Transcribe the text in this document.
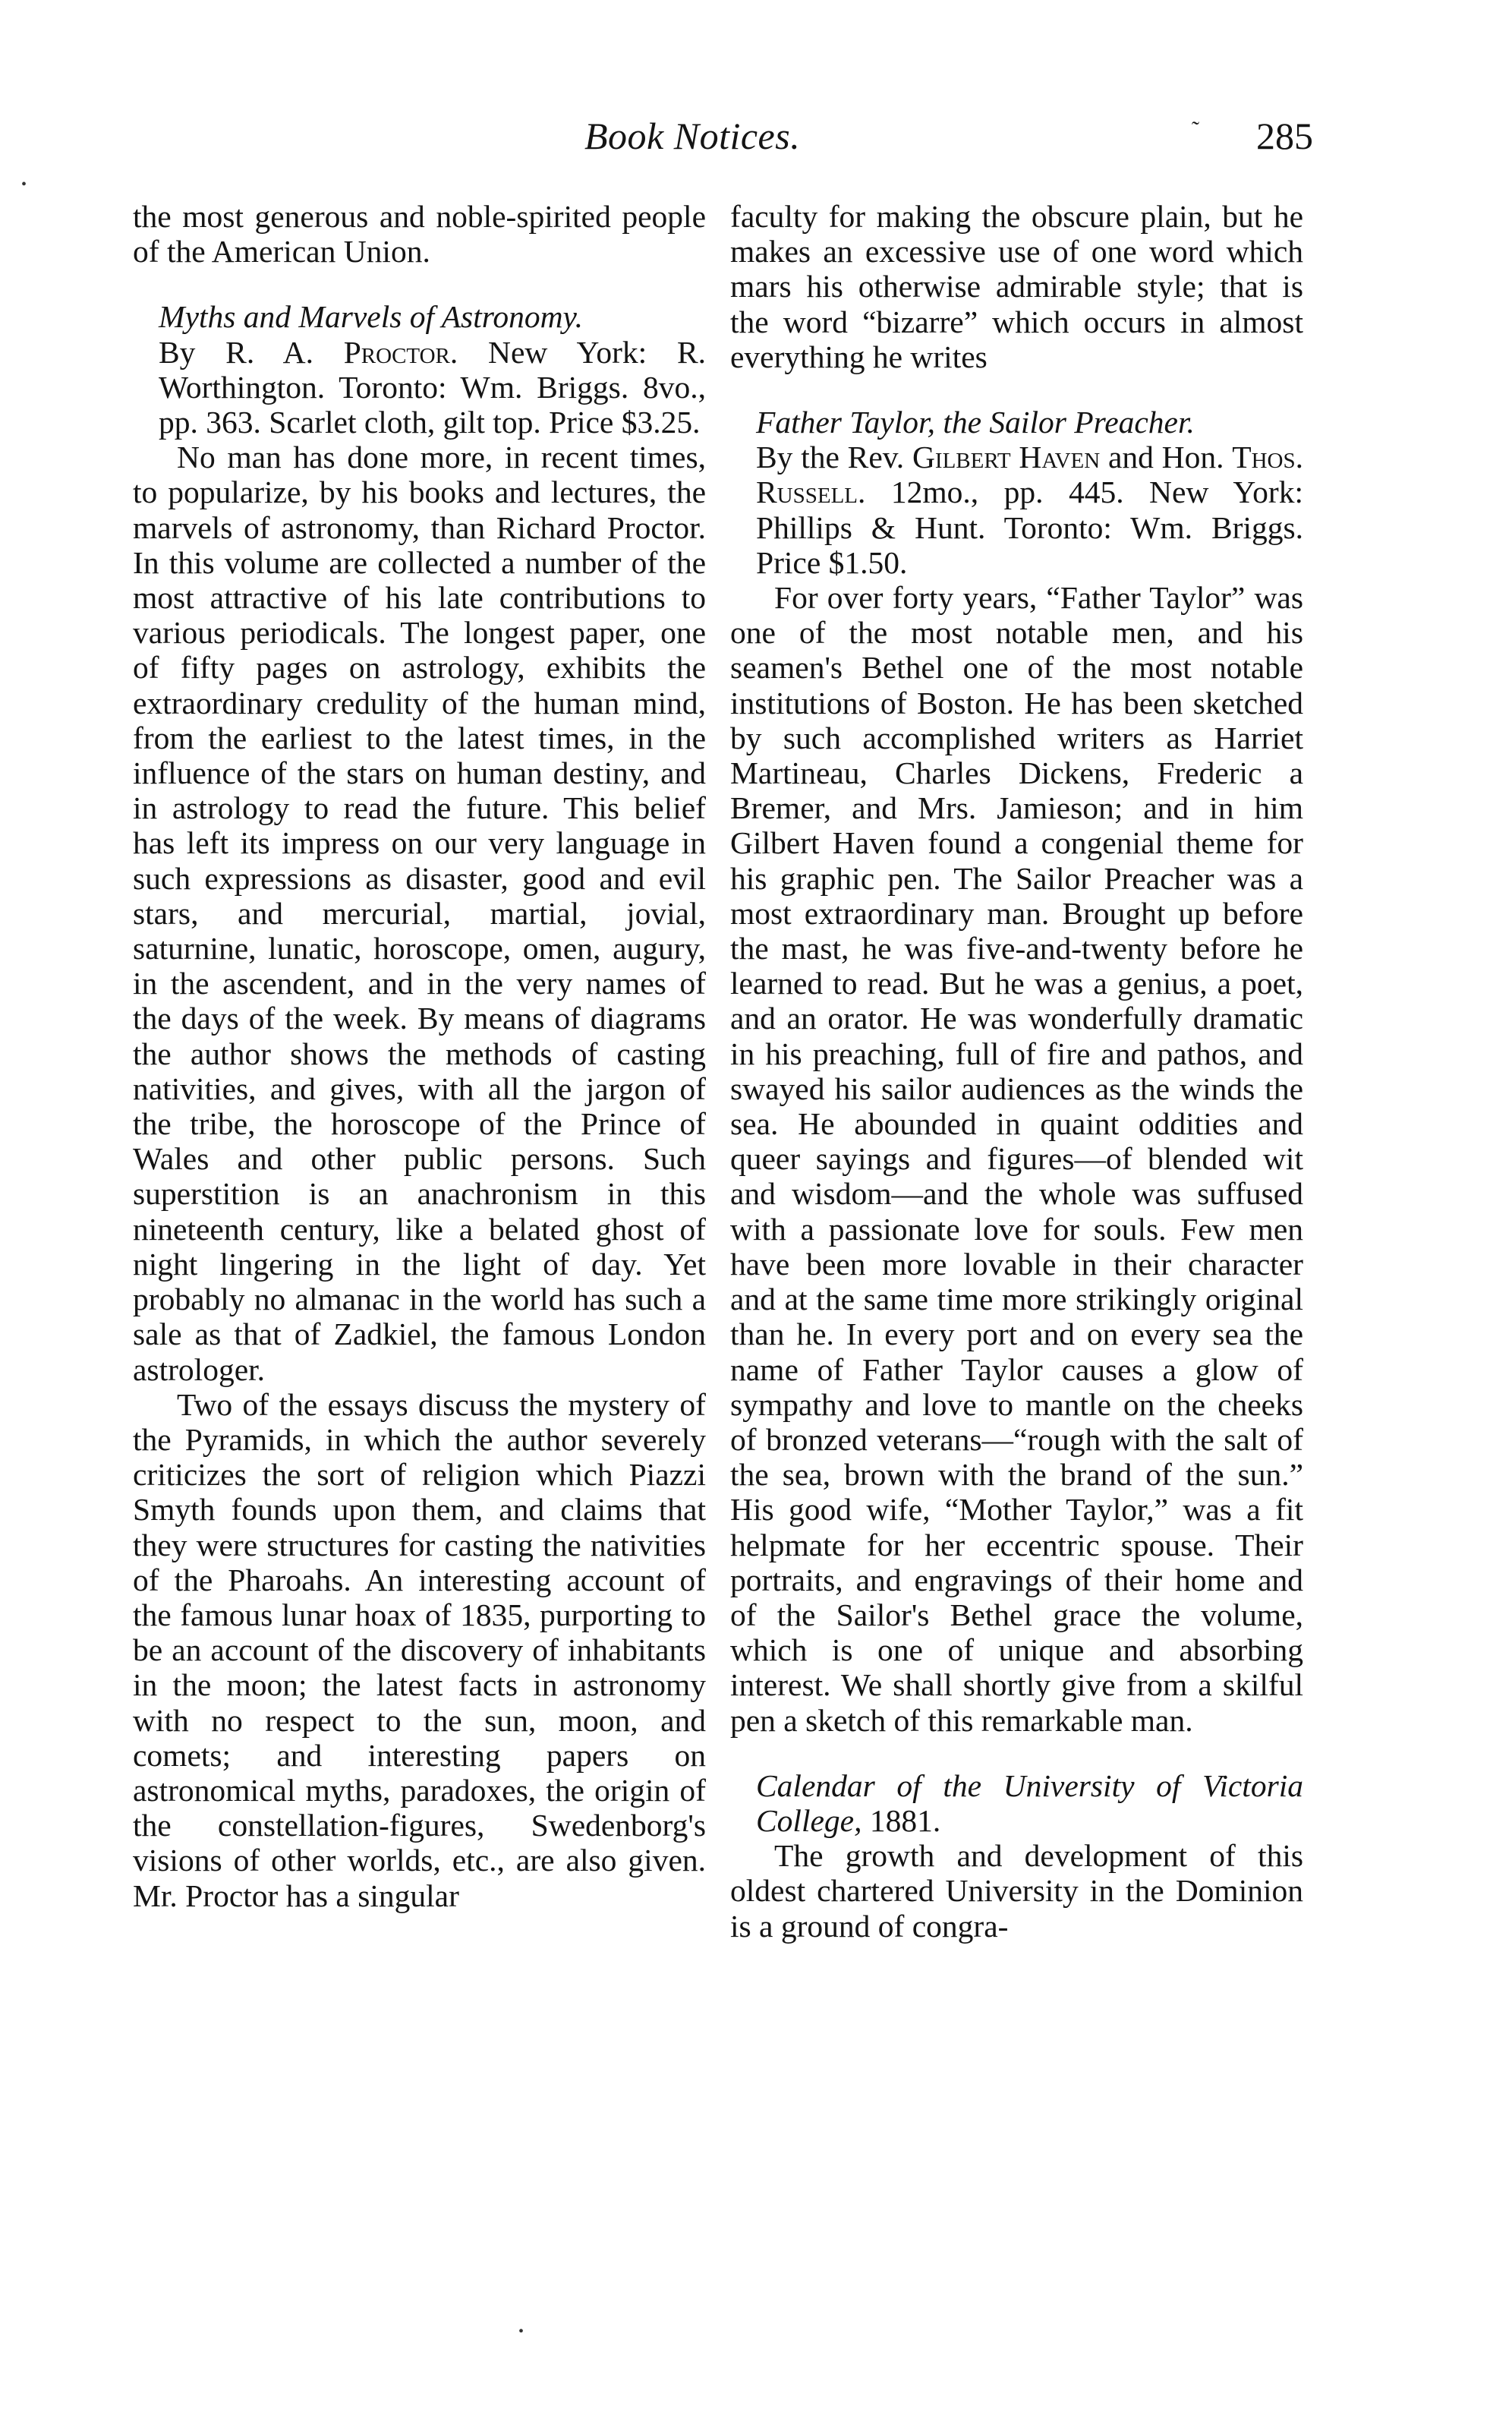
Book Notices.	˜ 285
•
•

the most generous and noble-spirited people of the American Union.

Myths and Marvels of Astronomy.
By R. A. Proctor. New York: R. Worthington. Toronto: Wm. Briggs. 8vo., pp. 363. Scarlet cloth, gilt top. Price $3.25.

No man has done more, in recent times, to popularize, by his books and lectures, the marvels of astronomy, than Richard Proctor. In this volume are collected a number of the most attractive of his late contributions to various periodicals. The longest paper, one of fifty pages on astrology, exhibits the extraordinary credulity of the human mind, from the earliest to the latest times, in the influence of the stars on human destiny, and in astrology to read the future. This belief has left its impress on our very language in such expressions as disaster, good and evil stars, and mercurial, martial, jovial, saturnine, lunatic, horoscope, omen, augury, in the ascendent, and in the very names of the days of the week. By means of diagrams the author shows the methods of casting nativities, and gives, with all the jargon of the tribe, the horoscope of the Prince of Wales and other public persons. Such superstition is an anachronism in this nineteenth century, like a belated ghost of night lingering in the light of day. Yet probably no almanac in the world has such a sale as that of Zadkiel, the famous London astrologer.

Two of the essays discuss the mystery of the Pyramids, in which the author severely criticizes the sort of religion which Piazzi Smyth founds upon them, and claims that they were structures for casting the nativities of the Pharoahs. An interesting account of the famous lunar hoax of 1835, purporting to be an account of the discovery of inhabitants in the moon; the latest facts in astronomy with no respect to the sun, moon, and comets; and interesting papers on astronomical myths, paradoxes, the origin of the constellation-figures, Swedenborg's visions of other worlds, etc., are also given. Mr. Proctor has a singular

faculty for making the obscure plain, but he makes an excessive use of one word which mars his otherwise admirable style; that is the word “bizarre” which occurs in almost everything he writes

Father Taylor, the Sailor Preacher.
By the Rev. Gilbert Haven and Hon. Thos. Russell. 12mo., pp. 445. New York: Phillips & Hunt. Toronto: Wm. Briggs. Price $1.50.

For over forty years, “Father Taylor” was one of the most notable men, and his seamen's Bethel one of the most notable institutions of Boston. He has been sketched by such accomplished writers as Harriet Martineau, Charles Dickens, Frederic a Bremer, and Mrs. Jamieson; and in him Gilbert Haven found a congenial theme for his graphic pen. The Sailor Preacher was a most extraordinary man. Brought up before the mast, he was five-and-twenty before he learned to read. But he was a genius, a poet, and an orator. He was wonderfully dramatic in his preaching, full of fire and pathos, and swayed his sailor audiences as the winds the sea. He abounded in quaint oddities and queer sayings and figures—of blended wit and wisdom—and the whole was suffused with a passionate love for souls. Few men have been more lovable in their character and at the same time more strikingly original than he. In every port and on every sea the name of Father Taylor causes a glow of sympathy and love to mantle on the cheeks of bronzed veterans—“rough with the salt of the sea, brown with the brand of the sun.” His good wife, “Mother Taylor,” was a fit helpmate for her eccentric spouse. Their portraits, and engravings of their home and of the Sailor's Bethel grace the volume, which is one of unique and absorbing interest. We shall shortly give from a skilful pen a sketch of this remarkable man.

Calendar of the University of Victoria College, 1881.

The growth and development of this oldest chartered University in the Dominion is a ground of congra-
